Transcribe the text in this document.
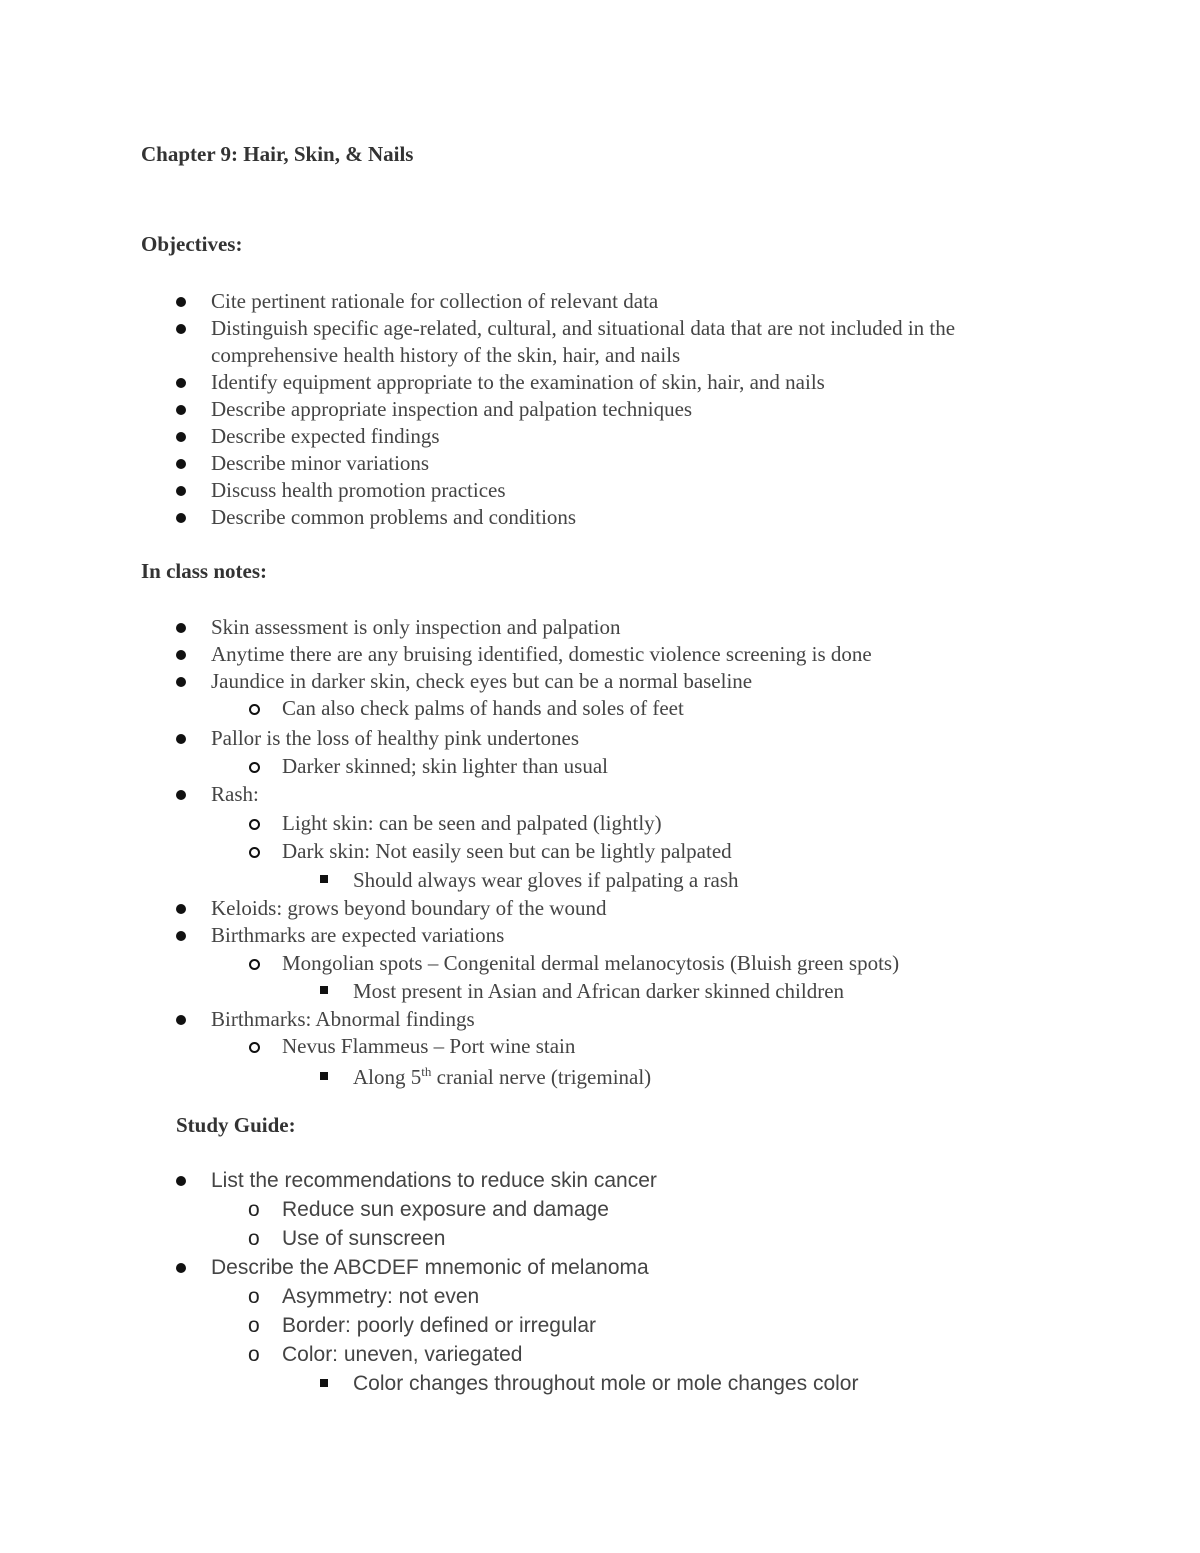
Chapter 9: Hair, Skin, & Nails
Objectives:
Cite pertinent rationale for collection of relevant data
Distinguish specific age-related, cultural, and situational data that are not included in the
comprehensive health history of the skin, hair, and nails
Identify equipment appropriate to the examination of skin, hair, and nails
Describe appropriate inspection and palpation techniques
Describe expected findings
Describe minor variations
Discuss health promotion practices
Describe common problems and conditions
In class notes:
Skin assessment is only inspection and palpation
Anytime there are any bruising identified, domestic violence screening is done
Jaundice in darker skin, check eyes but can be a normal baseline
Can also check palms of hands and soles of feet
Pallor is the loss of healthy pink undertones
Darker skinned; skin lighter than usual
Rash:
Light skin: can be seen and palpated (lightly)
Dark skin: Not easily seen but can be lightly palpated
Should always wear gloves if palpating a rash
Keloids: grows beyond boundary of the wound
Birthmarks are expected variations
Mongolian spots – Congenital dermal melanocytosis (Bluish green spots)
Most present in Asian and African darker skinned children
Birthmarks: Abnormal findings
Nevus Flammeus – Port wine stain
Along 5th cranial nerve (trigeminal)
Study Guide:
List the recommendations to reduce skin cancer
o Reduce sun exposure and damage
o Use of sunscreen
Describe the ABCDEF mnemonic of melanoma
o Asymmetry: not even
o Border: poorly defined or irregular
o Color: uneven, variegated
Color changes throughout mole or mole changes color
